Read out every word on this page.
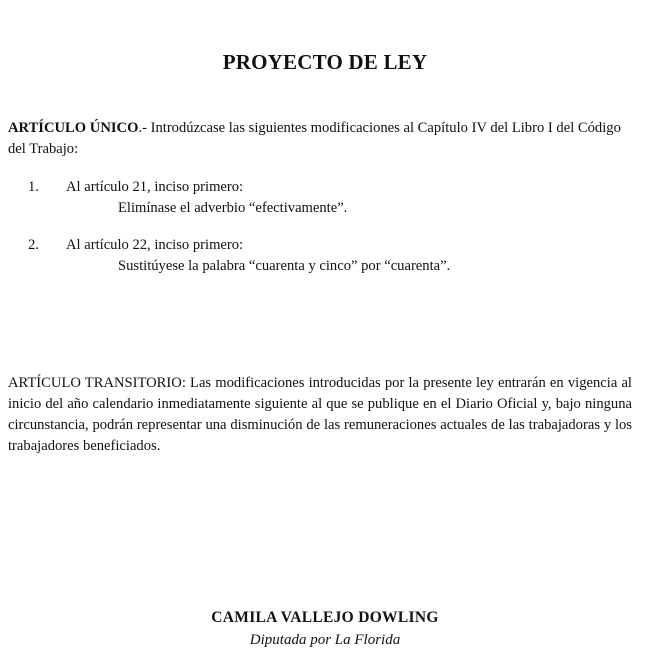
PROYECTO DE LEY
ARTÍCULO ÚNICO.- Introdúzcase las siguientes modificaciones al Capítulo IV del Libro I del Código del Trabajo:
1. Al artículo 21, inciso primero:
Elimínase el adverbio “efectivamente”.
2. Al artículo 22, inciso primero:
Sustitúyese la palabra “cuarenta y cinco” por “cuarenta”.
ARTÍCULO TRANSITORIO: Las modificaciones introducidas por la presente ley entrarán en vigencia al inicio del año calendario inmediatamente siguiente al que se publique en el Diario Oficial y, bajo ninguna circunstancia, podrán representar una disminución de las remuneraciones actuales de las trabajadoras y los trabajadores beneficiados.
CAMILA VALLEJO DOWLING
Diputada por La Florida
